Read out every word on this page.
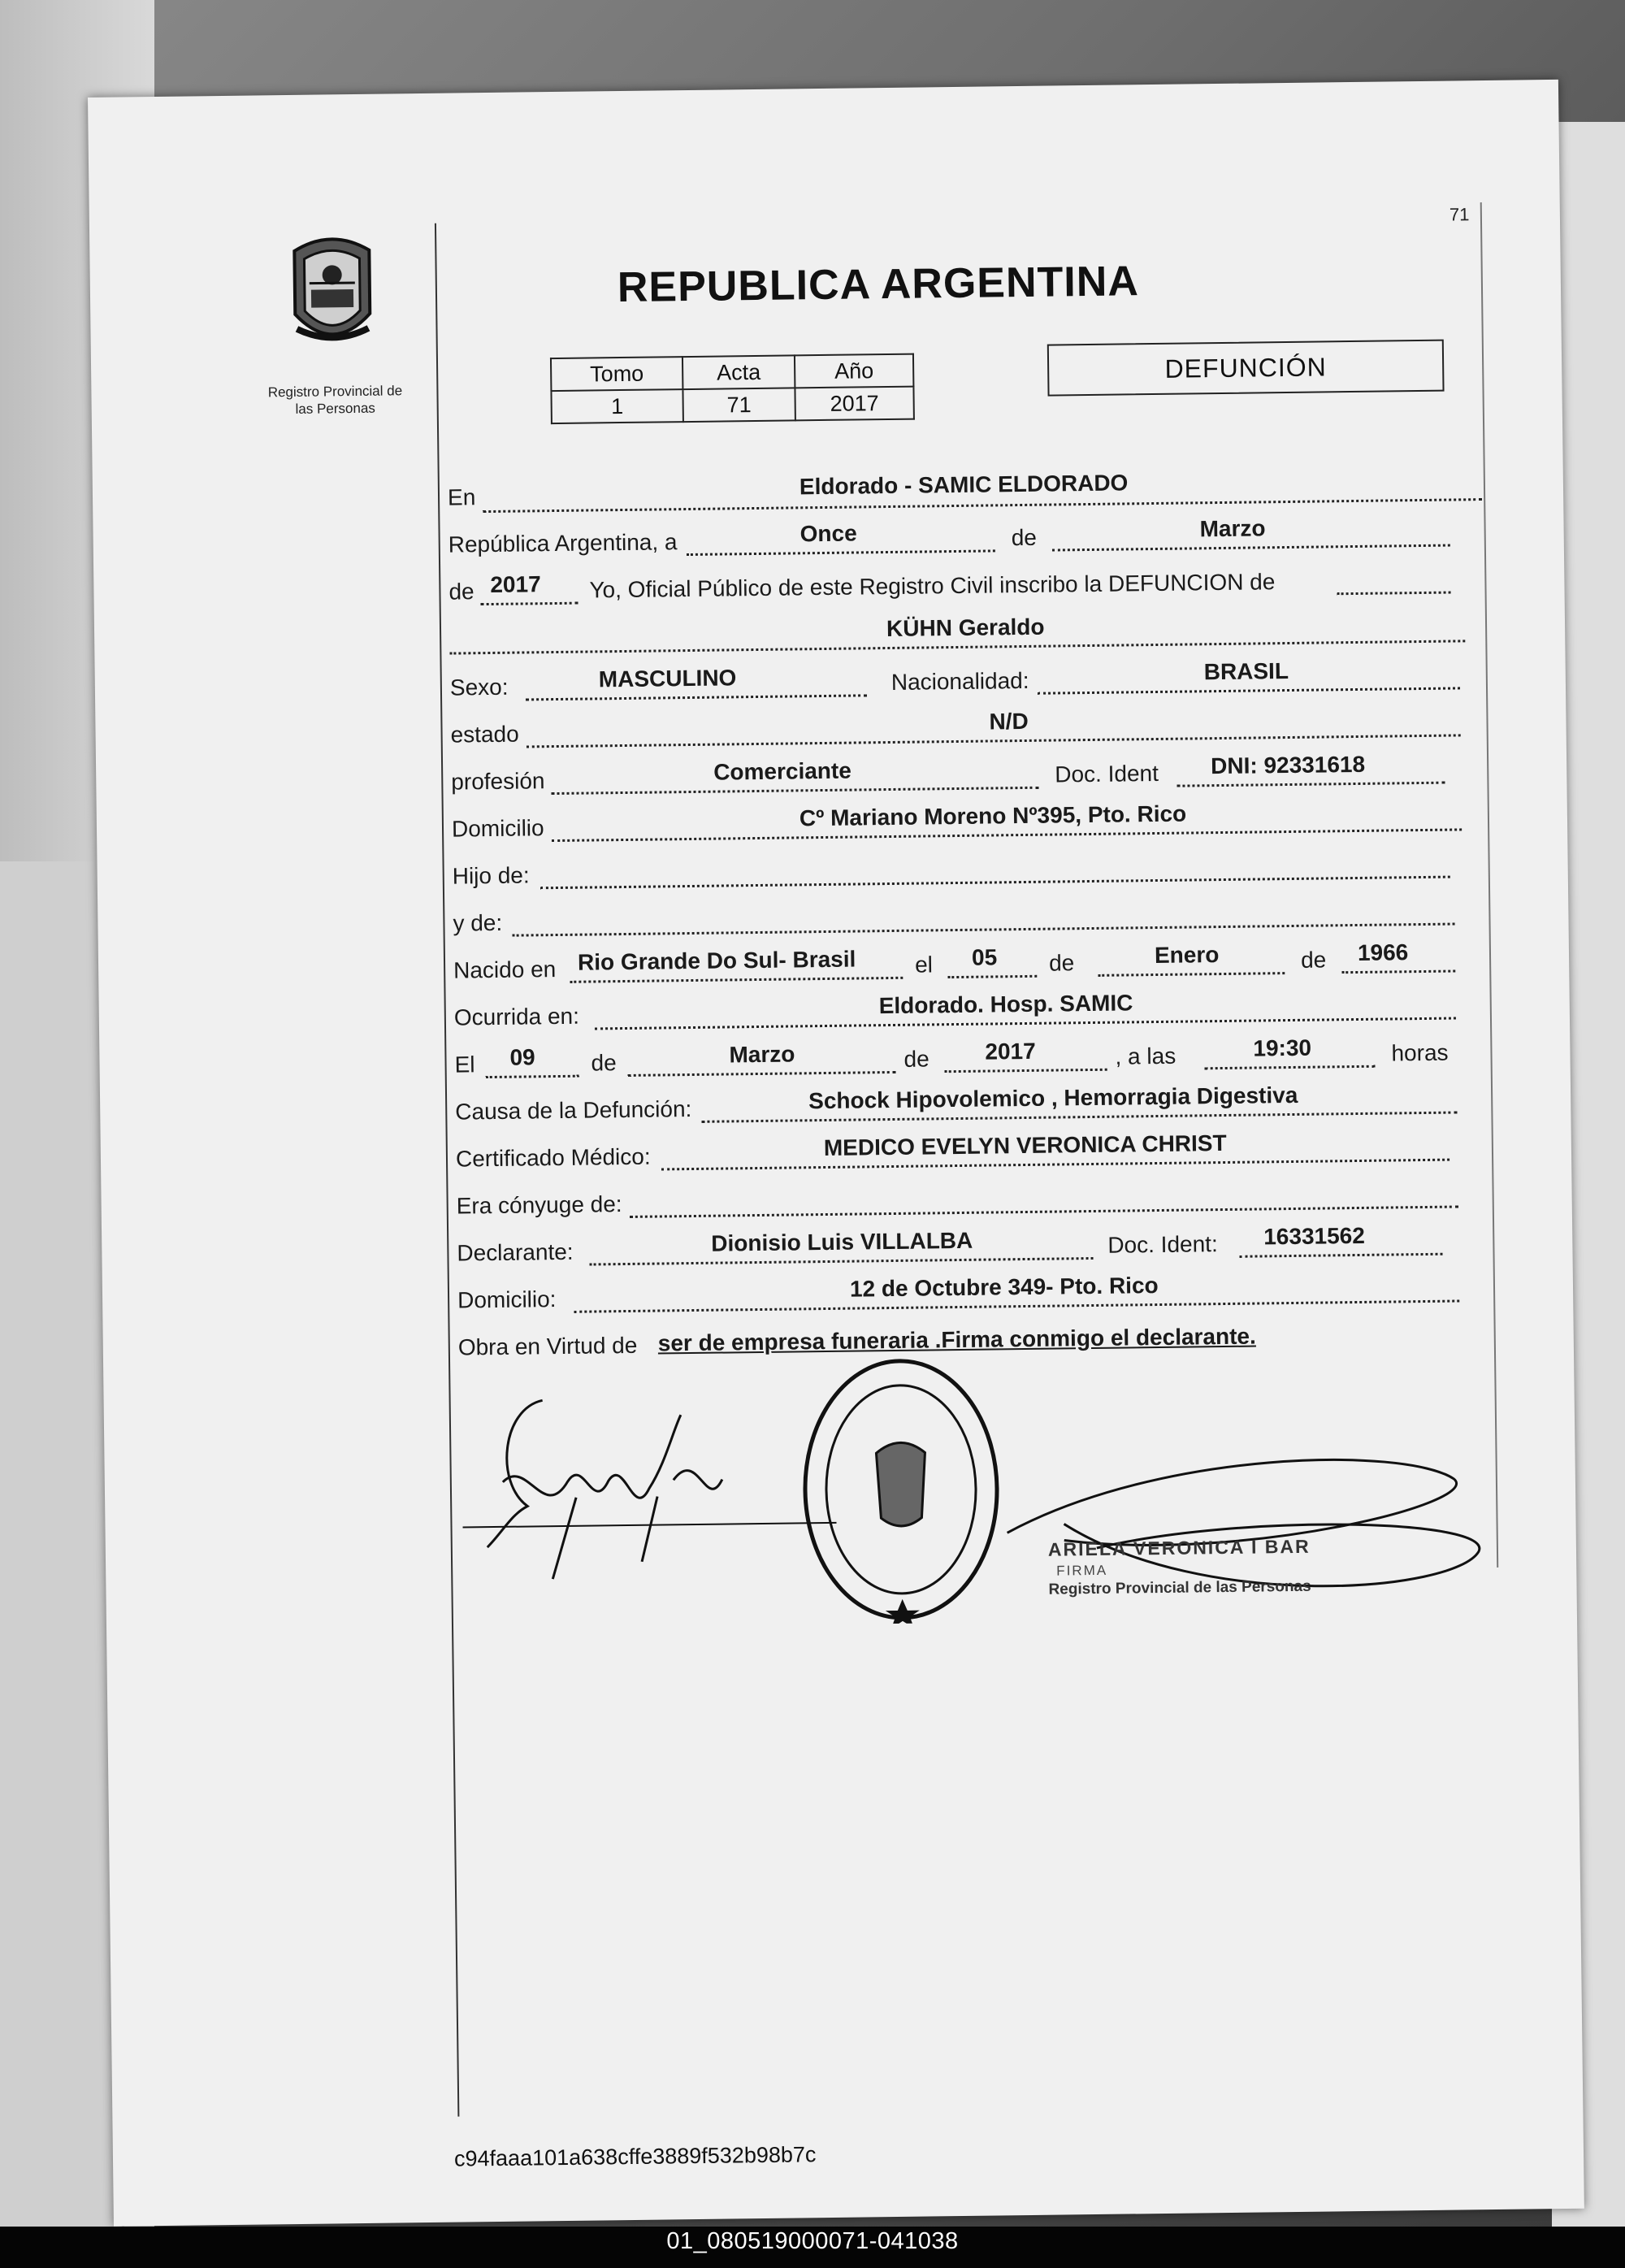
71
Registro Provincial de
las Personas
REPUBLICA ARGENTINA
Tomo	Acta	Año
1	71	2017
DEFUNCIÓN
En	Eldorado - SAMIC ELDORADO
República Argentina, a	Once	de	Marzo
de 2017 Yo, Oficial Público de este Registro Civil inscribo la DEFUNCION de
KÜHN Geraldo
Sexo:	MASCULINO	Nacionalidad:	BRASIL
estado	N/D
profesión	Comerciante	Doc. Ident DNI: 92331618
Domicilio	Cº Mariano Moreno Nº395, Pto. Rico
Hijo de:
y de:
Nacido en Rio Grande Do Sul- Brasil	el 05 de	Enero	de 1966
Ocurrida en:	Eldorado. Hosp. SAMIC
El 09 de	Marzo	de 2017	, a las	19:30	horas
Causa de la Defunción:	Schock Hipovolemico , Hemorragia Digestiva
Certificado Médico:	MEDICO EVELYN VERONICA CHRIST
Era cónyuge de:
Declarante:	Dionisio Luis VILLALBA	Doc. Ident: 16331562
Domicilio:	12 de Octubre 349- Pto. Rico
Obra en Virtud de ser de empresa funeraria .Firma conmigo el declarante.
ARIELA VERONICA I BAR
FIRMA
Registro Provincial de las Personas
c94faaa101a638cffe3889f532b98b7c
01_080519000071-041038
